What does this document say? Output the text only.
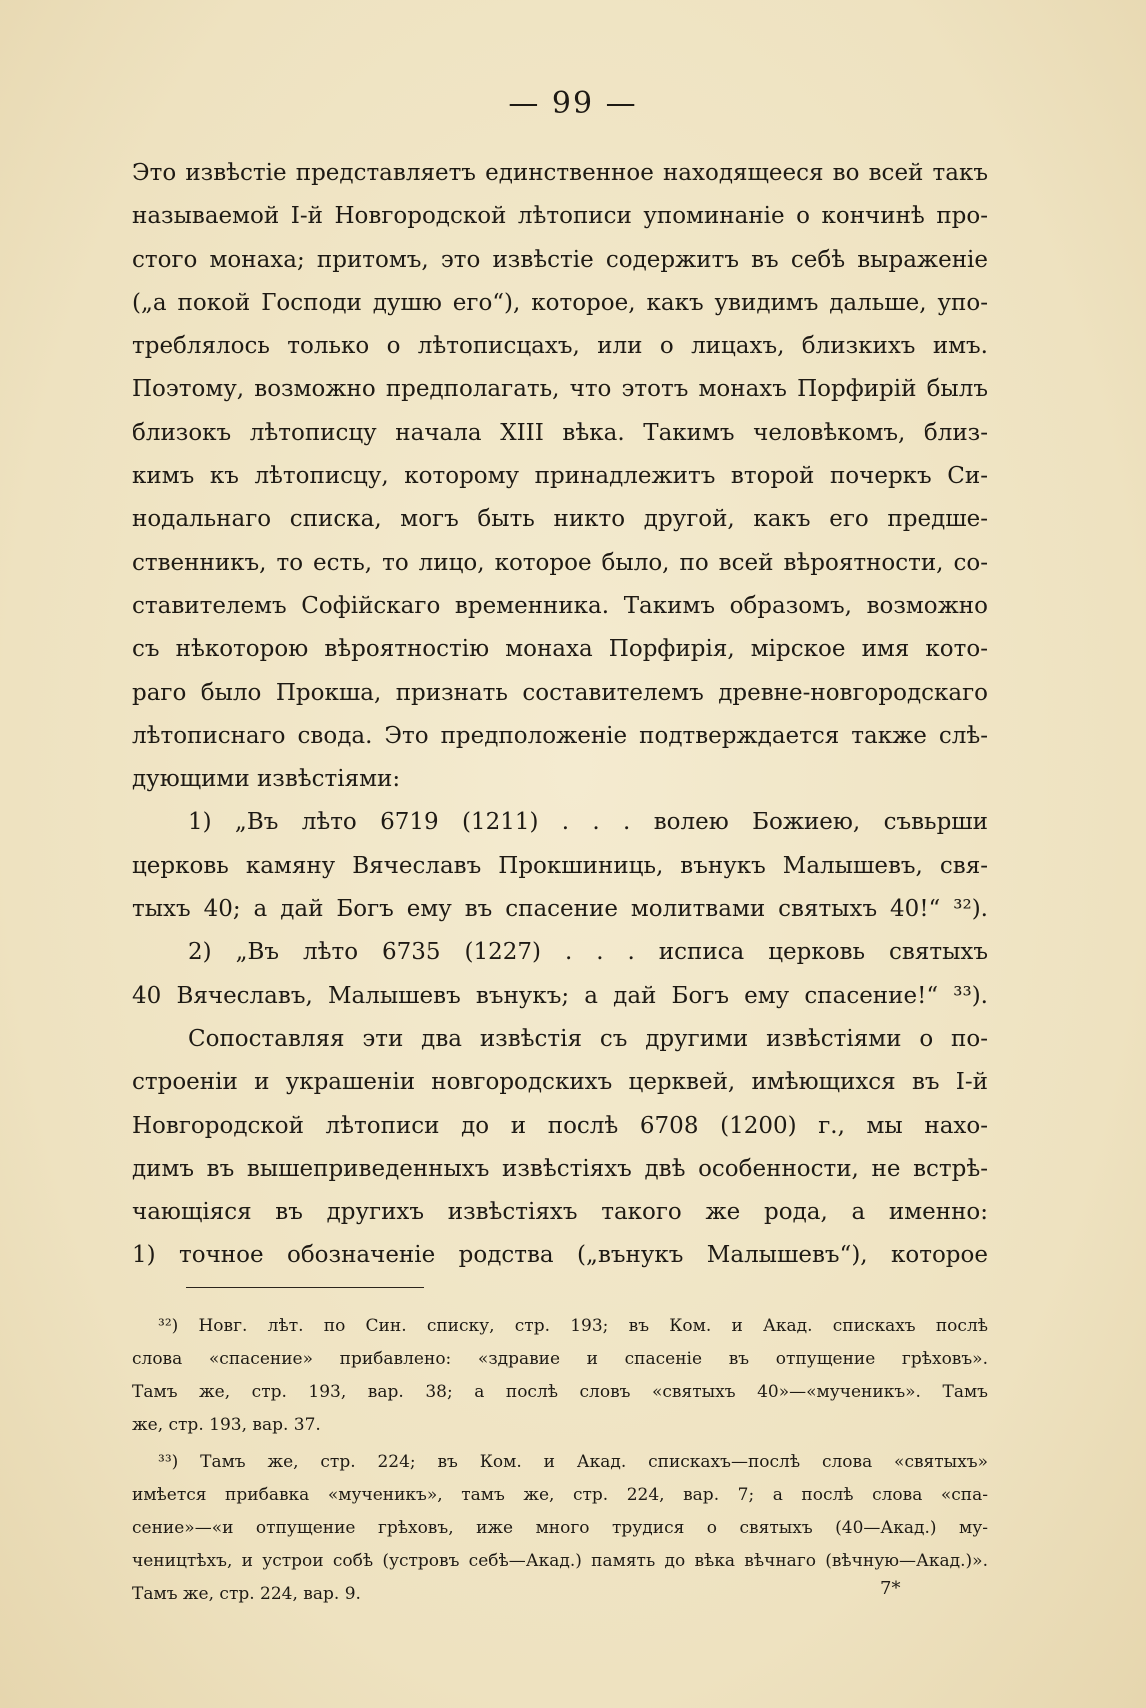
— 99 —
Это извѣстіе представляетъ единственное находящееся во всей такъ
называемой I-й Новгородской лѣтописи упоминаніе о кончинѣ про-
стого монаха; притомъ, это извѣстіе содержитъ въ себѣ выраженіе
(„а покой Господи душю его“), которое, какъ увидимъ дальше, упо-
треблялось только о лѣтописцахъ, или о лицахъ, близкихъ имъ.
Поэтому, возможно предполагать, что этотъ монахъ Порфирій былъ
близокъ лѣтописцу начала XIII вѣка. Такимъ человѣкомъ, близ-
кимъ къ лѣтописцу, которому принадлежитъ второй почеркъ Си-
нодальнаго списка, могъ быть никто другой, какъ его предше-
ственникъ, то есть, то лицо, которое было, по всей вѣроятности, со-
ставителемъ Софійскаго временника. Такимъ образомъ, возможно
съ нѣкоторою вѣроятностію монаха Порфирія, мірское имя кото-
раго было Прокша, признать составителемъ древне-новгородскаго
лѣтописнаго свода. Это предположеніе подтверждается также слѣ-
дующими извѣстіями:
1) „Въ лѣто 6719 (1211) . . . волею Божиею, съвьрши
церковь камяну Вячеславъ Прокшиниць, вънукъ Малышевъ, свя-
тыхъ 40; а дай Богъ ему въ спасение молитвами святыхъ 40!“ ³²).
2) „Въ лѣто 6735 (1227) . . . исписа церковь святыхъ
40 Вячеславъ, Малышевъ вънукъ; а дай Богъ ему спасение!“ ³³).
Сопоставляя эти два извѣстія съ другими извѣстіями о по-
строеніи и украшеніи новгородскихъ церквей, имѣющихся въ I-й
Новгородской лѣтописи до и послѣ 6708 (1200) г., мы нахо-
димъ въ вышеприведенныхъ извѣстіяхъ двѣ особенности, не встрѣ-
чающіяся въ другихъ извѣстіяхъ такого же рода, а именно:
1) точное обозначеніе родства („вънукъ Малышевъ“), которое
³²) Новг. лѣт. по Син. списку, стр. 193; въ Ком. и Акад. спискахъ послѣ
слова «спасение» прибавлено: «здравие и спасеніе въ отпущение грѣховъ».
Тамъ же, стр. 193, вар. 38; а послѣ словъ «святыхъ 40»—«мученикъ». Тамъ
же, стр. 193, вар. 37.
³³) Тамъ же, стр. 224; въ Ком. и Акад. спискахъ—послѣ слова «святыхъ»
имѣется прибавка «мученикъ», тамъ же, стр. 224, вар. 7; а послѣ слова «спа-
сение»—«и отпущение грѣховъ, иже много трудися о святыхъ (40—Акад.) му-
чеництѣхъ, и устрои собѣ (устровъ себѣ—Акад.) память до вѣка вѣчнаго (вѣчную—Акад.)». Тамъ же, стр. 224, вар. 9.	7*
